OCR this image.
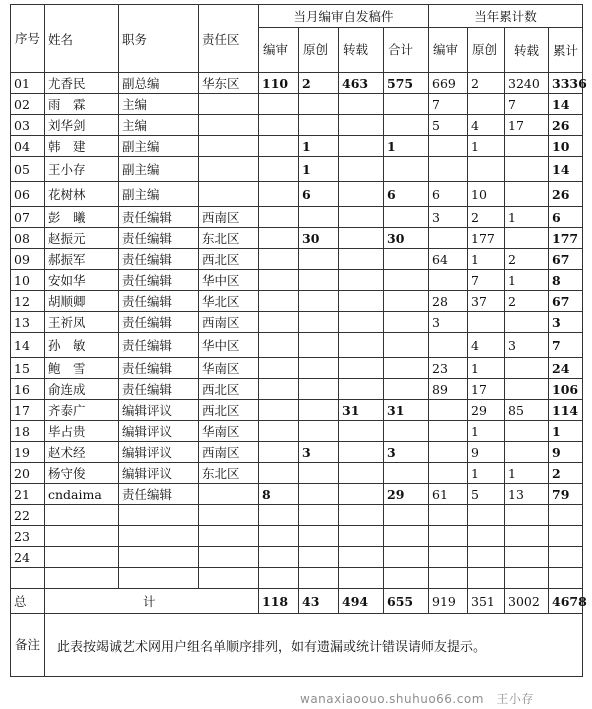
序号	姓名	职务	责任区	当月编审自发稿件				当年累计数			
				编审	原创	转载	合计	编审	原创	转载	累计
01	尤香民	副总编	华东区	110	2	463	575	669	2	3240	3336
02	雨　霖	主编						7		7	14
03	刘华剑	主编						5	4	17	26
04	韩　建	副主编			1		1		1		10
05	王小存	副主编			1						14
06	花树林	副主编			6		6	6	10		26
07	彭　曦	责任编辑	西南区					3	2	1	6
08	赵振元	责任编辑	东北区		30		30		177		177
09	郝振军	责任编辑	西北区					64	1	2	67
10	安如华	责任编辑	华中区						7	1	8
12	胡顺卿	责任编辑	华北区					28	37	2	67
13	王祈凤	责任编辑	西南区					3			3
14	孙　敏	责任编辑	华中区						4	3	7
15	鲍　雪	责任编辑	华南区					23	1		24
16	俞连成	责任编辑	西北区					89	17		106
17	齐泰广	编辑评议	西北区			31	31		29	85	114
18	毕占贵	编辑评议	华南区						1		1
19	赵术经	编辑评议	西南区		3		3		9		9
20	杨守俊	编辑评议	东北区						1	1	2
21	cndaima	责任编辑		8			29	61	5	13	79
22											
23											
24											

总	计			118	43	494	655	919	351	3002	4678
备注	此表按竭诚艺术网用户组名单顺序排列，如有遗漏或统计错误请师友提示。										
wanaxiaoouo.shuhuo66.com　王小存
